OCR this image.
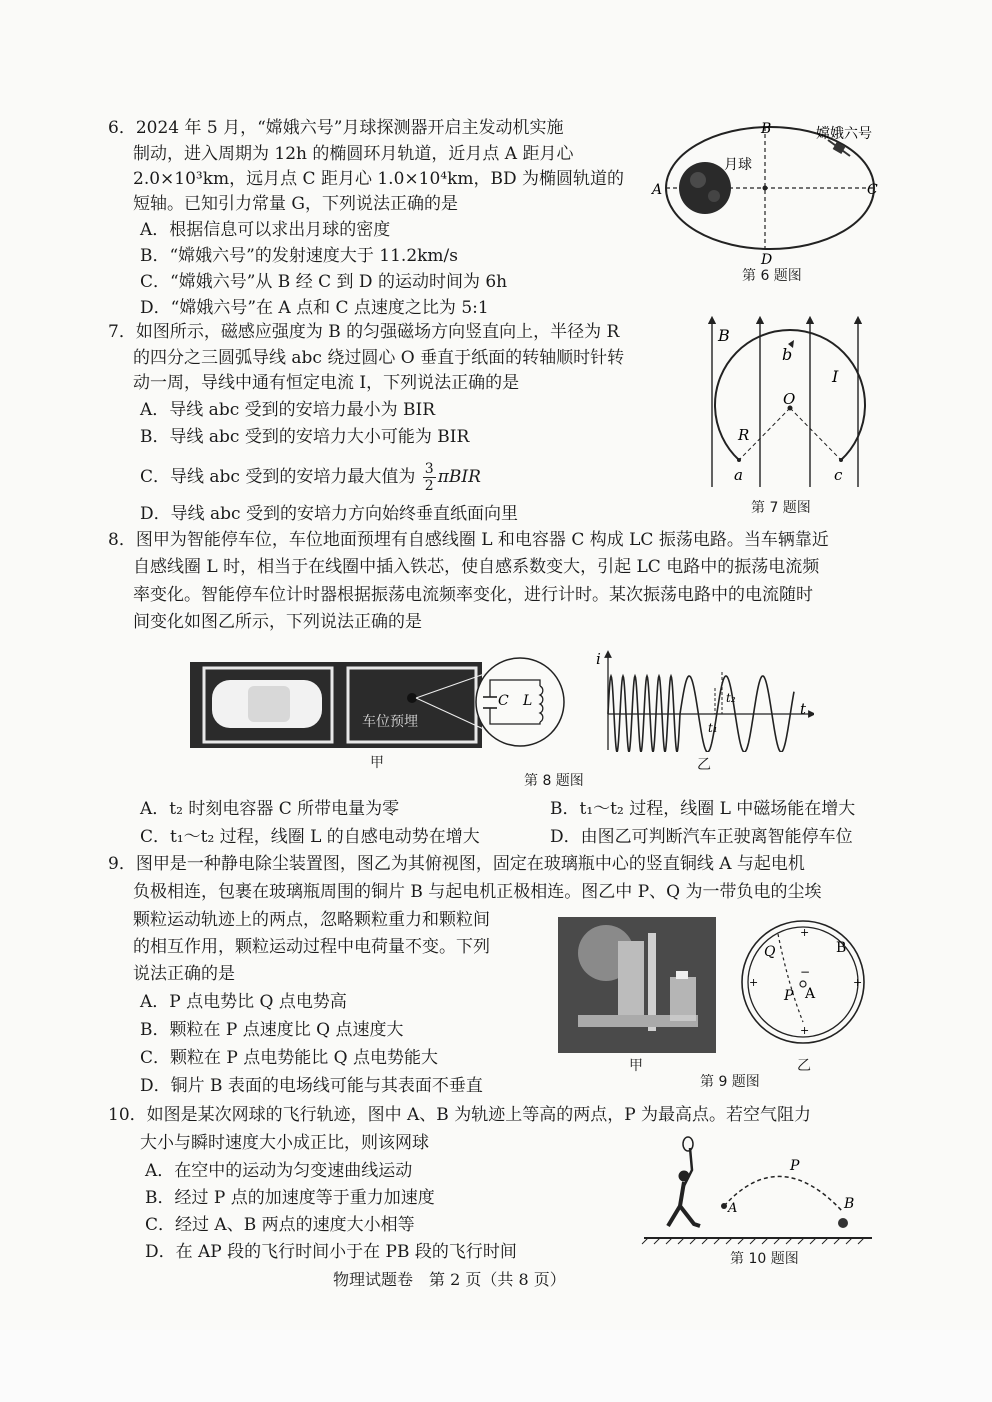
6．2024 年 5 月，“嫦娥六号”月球探测器开启主发动机实施
制动，进入周期为 12h 的椭圆环月轨道，近月点 A 距月心
2.0×10³km，远月点 C 距月心 1.0×10⁴km，BD 为椭圆轨道的
短轴。已知引力常量 G，下列说法正确的是
A．根据信息可以求出月球的密度
B．“嫦娥六号”的发射速度大于 11.2km/s
C．“嫦娥六号”从 B 经 C 到 D 的运动时间为 6h
D．“嫦娥六号”在 A 点和 C 点速度之比为 5:1
A
B
C
D
月球
嫦娥六号
第 6 题图
7．如图所示，磁感应强度为 B 的匀强磁场方向竖直向上，半径为 R
的四分之三圆弧导线 abc 绕过圆心 O 垂直于纸面的转轴顺时针转
动一周，导线中通有恒定电流 I，下列说法正确的是
A．导线 abc 受到的安培力最小为 BIR
B．导线 abc 受到的安培力大小可能为 BIR
C．导线 abc 受到的安培力最大值为 $\frac{3}{2}$ πBIR
D．导线 abc 受到的安培力方向始终垂直纸面向里
B
b
I
O
R
a	c
第 7 题图
8．图甲为智能停车位，车位地面预埋有自感线圈 L 和电容器 C 构成 LC 振荡电路。当车辆靠近
自感线圈 L 时，相当于在线圈中插入铁芯，使自感系数变大，引起 LC 电路中的振荡电流频
率变化。智能停车位计时器根据振荡电流频率变化，进行计时。某次振荡电路中的电流随时
间变化如图乙所示，下列说法正确的是
车位预埋
C L
i
t
t₁
t₂
甲	乙
第 8 题图
A．t₂ 时刻电容器 C 所带电量为零	B．t₁～t₂ 过程，线圈 L 中磁场能在增大
C．t₁～t₂ 过程，线圈 L 的自感电动势在增大	D．由图乙可判断汽车正驶离智能停车位
9．图甲是一种静电除尘装置图，图乙为其俯视图，固定在玻璃瓶中心的竖直铜线 A 与起电机
负极相连，包裹在玻璃瓶周围的铜片 B 与起电机正极相连。图乙中 P、Q 为一带负电的尘埃
颗粒运动轨迹上的两点，忽略颗粒重力和颗粒间
的相互作用，颗粒运动过程中电荷量不变。下列
说法正确的是
A．P 点电势比 Q 点电势高
B．颗粒在 P 点速度比 Q 点速度大
C．颗粒在 P 点电势能比 Q 点电势能大
D．铜片 B 表面的电场线可能与其表面不垂直
+
+	+
+
−
Q	B
P A
甲	乙
第 9 题图
10．如图是某次网球的飞行轨迹，图中 A、B 为轨迹上等高的两点，P 为最高点。若空气阻力
大小与瞬时速度大小成正比，则该网球
A．在空中的运动为匀变速曲线运动
B．经过 P 点的加速度等于重力加速度
C．经过 A、B 两点的速度大小相等
D．在 AP 段的飞行时间小于在 PB 段的飞行时间
A
P
B
第 10 题图
物理试题卷　第 2 页（共 8 页）
